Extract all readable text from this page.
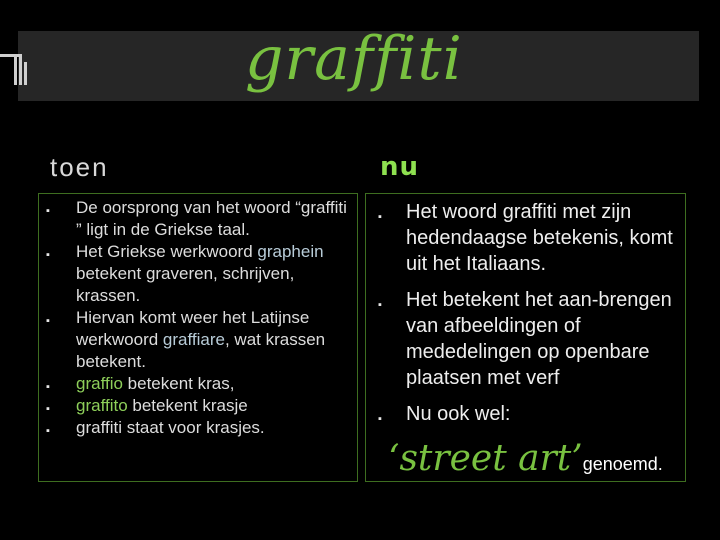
graffiti
toen	nu
▪ De oorsprong van het woord “graffiti ” ligt in de Griekse taal.
▪ Het Griekse werkwoord graphein betekent graveren, schrijven, krassen.
▪ Hiervan komt weer het Latijnse werkwoord graffiare, wat krassen betekent.
▪ graffio betekent kras,
▪ graffito betekent krasje
▪ graffiti staat voor krasjes.
▪ Het woord graffiti met zijn hedendaagse betekenis, komt uit het Italiaans.
▪ Het betekent het aan-brengen van afbeeldingen of mededelingen op openbare plaatsen met verf
▪ Nu ook wel:
‘street art’genoemd.
